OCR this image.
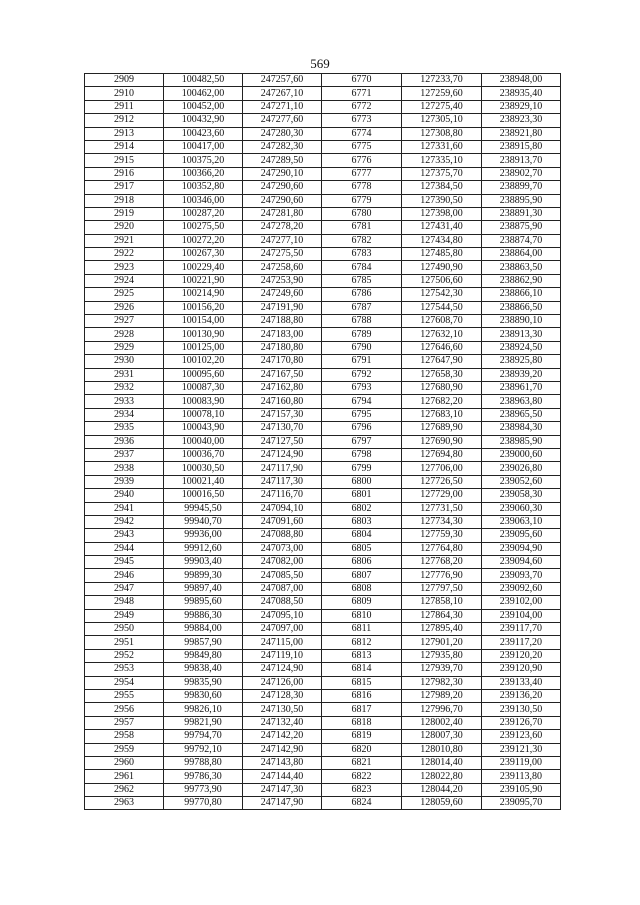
569
2909	100482,50	247257,60	6770	127233,70	238948,00
2910	100462,00	247267,10	6771	127259,60	238935,40
2911	100452,00	247271,10	6772	127275,40	238929,10
2912	100432,90	247277,60	6773	127305,10	238923,30
2913	100423,60	247280,30	6774	127308,80	238921,80
2914	100417,00	247282,30	6775	127331,60	238915,80
2915	100375,20	247289,50	6776	127335,10	238913,70
2916	100366,20	247290,10	6777	127375,70	238902,70
2917	100352,80	247290,60	6778	127384,50	238899,70
2918	100346,00	247290,60	6779	127390,50	238895,90
2919	100287,20	247281,80	6780	127398,00	238891,30
2920	100275,50	247278,20	6781	127431,40	238875,90
2921	100272,20	247277,10	6782	127434,80	238874,70
2922	100267,30	247275,50	6783	127485,80	238864,00
2923	100229,40	247258,60	6784	127490,90	238863,50
2924	100221,90	247253,90	6785	127506,60	238862,90
2925	100214,90	247249,60	6786	127542,30	238866,10
2926	100156,20	247191,90	6787	127544,50	238866,50
2927	100154,00	247188,80	6788	127608,70	238890,10
2928	100130,90	247183,00	6789	127632,10	238913,30
2929	100125,00	247180,80	6790	127646,60	238924,50
2930	100102,20	247170,80	6791	127647,90	238925,80
2931	100095,60	247167,50	6792	127658,30	238939,20
2932	100087,30	247162,80	6793	127680,90	238961,70
2933	100083,90	247160,80	6794	127682,20	238963,80
2934	100078,10	247157,30	6795	127683,10	238965,50
2935	100043,90	247130,70	6796	127689,90	238984,30
2936	100040,00	247127,50	6797	127690,90	238985,90
2937	100036,70	247124,90	6798	127694,80	239000,60
2938	100030,50	247117,90	6799	127706,00	239026,80
2939	100021,40	247117,30	6800	127726,50	239052,60
2940	100016,50	247116,70	6801	127729,00	239058,30
2941	99945,50	247094,10	6802	127731,50	239060,30
2942	99940,70	247091,60	6803	127734,30	239063,10
2943	99936,00	247088,80	6804	127759,30	239095,60
2944	99912,60	247073,00	6805	127764,80	239094,90
2945	99903,40	247082,00	6806	127768,20	239094,60
2946	99899,30	247085,50	6807	127776,90	239093,70
2947	99897,40	247087,00	6808	127797,50	239092,60
2948	99895,60	247088,50	6809	127858,10	239102,00
2949	99886,30	247095,10	6810	127864,30	239104,00
2950	99884,00	247097,00	6811	127895,40	239117,70
2951	99857,90	247115,00	6812	127901,20	239117,20
2952	99849,80	247119,10	6813	127935,80	239120,20
2953	99838,40	247124,90	6814	127939,70	239120,90
2954	99835,90	247126,00	6815	127982,30	239133,40
2955	99830,60	247128,30	6816	127989,20	239136,20
2956	99826,10	247130,50	6817	127996,70	239130,50
2957	99821,90	247132,40	6818	128002,40	239126,70
2958	99794,70	247142,20	6819	128007,30	239123,60
2959	99792,10	247142,90	6820	128010,80	239121,30
2960	99788,80	247143,80	6821	128014,40	239119,00
2961	99786,30	247144,40	6822	128022,80	239113,80
2962	99773,90	247147,30	6823	128044,20	239105,90
2963	99770,80	247147,90	6824	128059,60	239095,70
